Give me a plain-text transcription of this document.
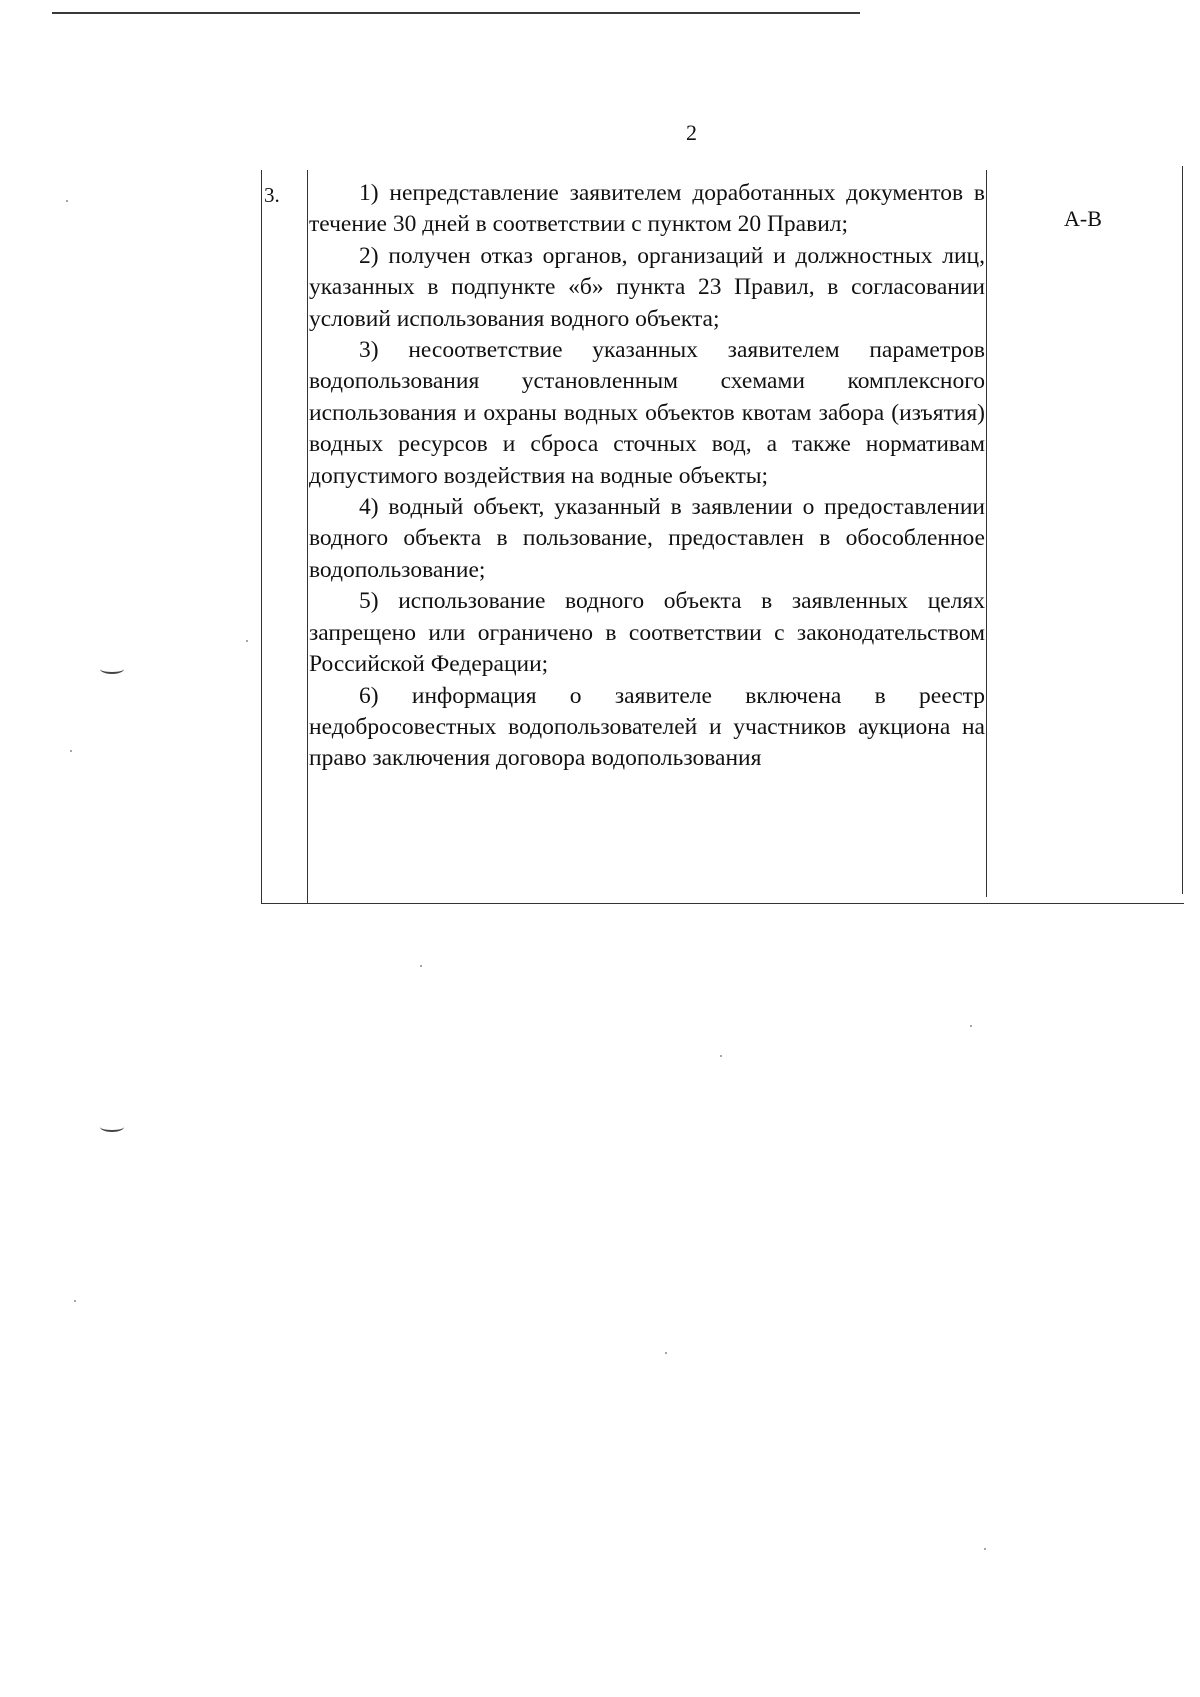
2
3.	1) непредставление заявителем доработанных документов в течение 30 дней в соответствии с пунктом 20 Правил;

2) получен отказ органов, организаций и должностных лиц, указанных в подпункте «б» пункта 23 Правил, в согласовании условий использования водного объекта;

3) несоответствие указанных заявителем параметров водопользования установленным схемами комплексного использования и охраны водных объектов квотам забора (изъятия) водных ресурсов и сброса сточных вод, а также нормативам допустимого воздействия на водные объекты;

4) водный объект, указанный в заявлении о предоставлении водного объекта в пользование, предоставлен в обособленное водопользование;

5) использование водного объекта в заявленных целях запрещено или ограничено в соответствии с законодательством Российской Федерации;

6) информация о заявителе включена в реестр недобросовестных водопользователей и участников аукциона на право заключения договора водопользования

А-В
